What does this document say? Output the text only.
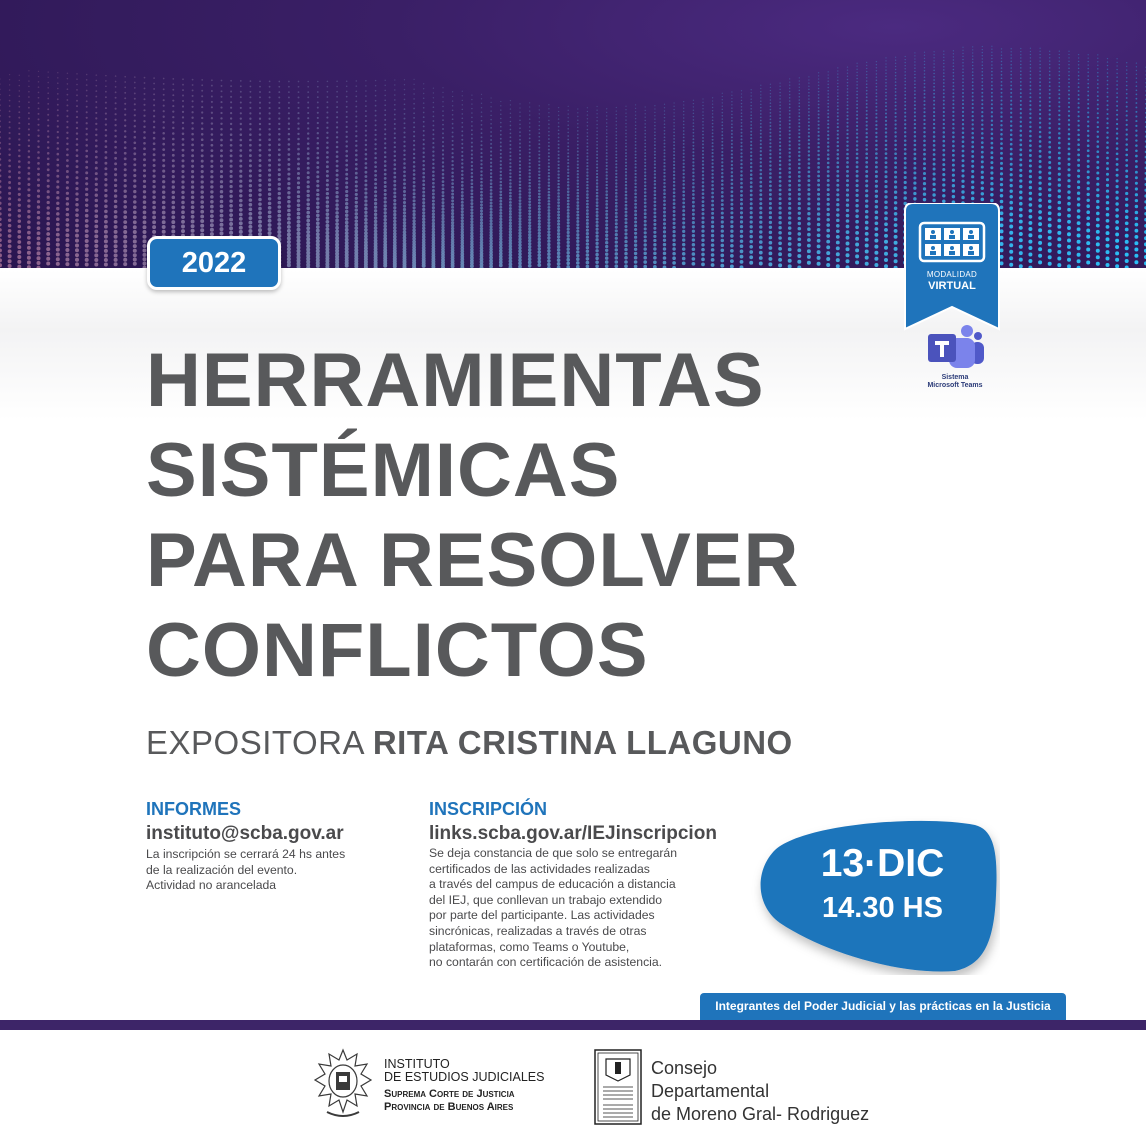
2022	MODALIDAD
VIRTUAL
Sistema
Microsoft Teams
HERRAMIENTAS
SISTÉMICAS
PARA RESOLVER
CONFLICTOS
EXPOSITORA RITA CRISTINA LLAGUNO
INFORMES
instituto@scba.gov.ar
La inscripción se cerrará 24 hs antes
de la realización del evento.
Actividad no arancelada
INSCRIPCIÓN
links.scba.gov.ar/IEJinscripcion
Se deja constancia de que solo se entregarán
certificados de las actividades realizadas
a través del campus de educación a distancia
del IEJ, que conllevan un trabajo extendido
por parte del participante. Las actividades
sincrónicas, realizadas a través de otras
plataformas, como Teams o Youtube,
no contarán con certificación de asistencia.
13·DIC
14.30 HS
Integrantes del Poder Judicial y las prácticas en la Justicia
INSTITUTO
DE ESTUDIOS JUDICIALES
Suprema Corte de Justicia
Provincia de Buenos Aires
Consejo
Departamental
de Moreno Gral- Rodriguez
